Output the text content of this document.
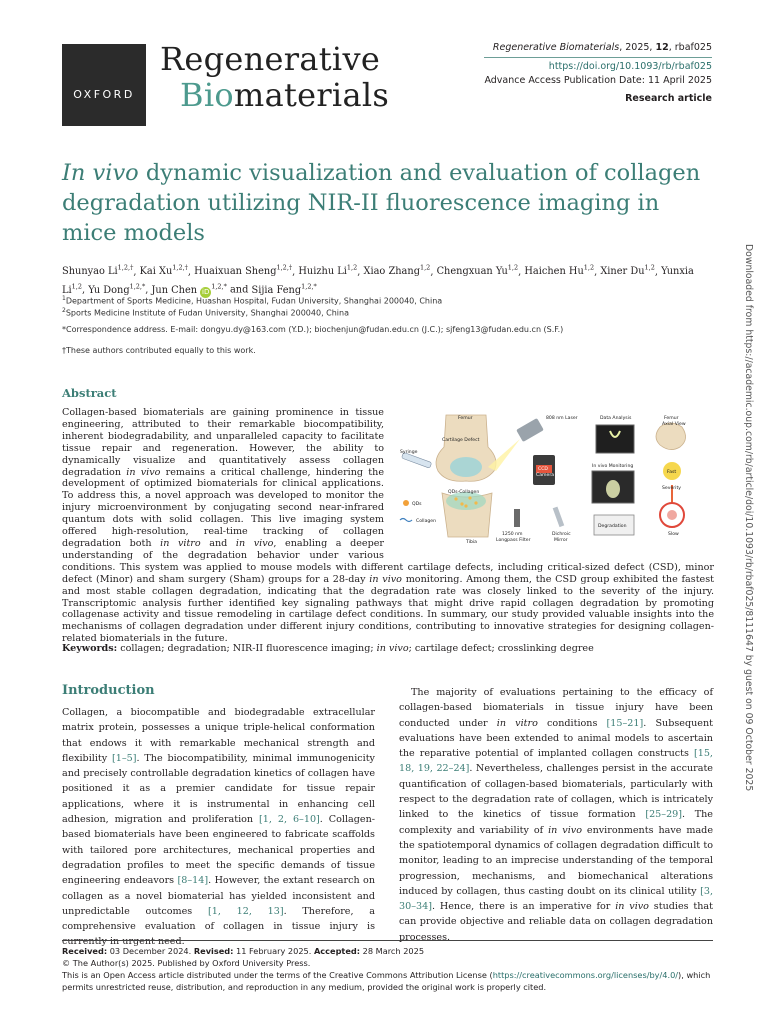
OXFORD
Regenerative
Biomaterials
Regenerative Biomaterials, 2025, 12, rbaf025
https://doi.org/10.1093/rb/rbaf025
Advance Access Publication Date: 11 April 2025
Research article
In vivo dynamic visualization and evaluation of collagen degradation utilizing NIR-II fluorescence imaging in mice models
Shunyao $Li^{1,2,\dagger}$, Kai $Xu^{1,2,\dagger}$, Huaixuan Sheng$^{1,2,\dagger}$, Huizhu Li$^{1,2}$, Xiao Zhang$^{1,2}$, Chengxuan Yu$^{1,2}$, Haichen Hu$^{1,2}$, Xiner Du$^{1,2}$, Yunxia Li$^{1,2}$, Yu Dong$^{1,2,*}$, Jun Chen $iD^{1,2,*}$ and Sijia Feng$^{1,2,*}$
$^1$Department of Sports Medicine, Huashan Hospital, Fudan University, Shanghai 200040, China
$^2$Sports Medicine Institute of Fudan University, Shanghai 200040, China
*Correspondence address. E-mail: dongyu.dy@163.com (Y.D.); biochenjun@fudan.edu.cn (J.C.); sjfeng13@fudan.edu.cn (S.F.)
†These authors contributed equally to this work.
Abstract
Femur	808 nm Laser	Data Analysis	Femur
Axial View
Cartilage Defect
Syringe
CCD
Camera
In vivo Monitoring
Fast
Severity
QDs
QDs-Collagen
Collagen
Degradation
Slow
Tibia
1250 nm
Longpass Filter
Dichroic
Mirror
Collagen-based biomaterials are gaining prominence in tissue engineering, attributed to their remarkable biocompatibility, inherent biodegradability, and unparalleled capacity to facilitate tissue repair and regeneration. However, the ability to dynamically visualize and quantitatively assess collagen degradation in vivo remains a critical challenge, hindering the development of optimized biomaterials for clinical applications. To address this, a novel approach was developed to monitor the injury microenvironment by conjugating second near-infrared quantum dots with solid collagen. This live imaging system offered high-resolution, real-time tracking of collagen degradation both in vitro and in vivo, enabling a deeper understanding of the degradation behavior under various conditions. This system was applied to mouse models with different cartilage defects, including critical-sized defect (CSD), minor defect (Minor) and sham surgery (Sham) groups for a 28-day in vivo monitoring. Among them, the CSD group exhibited the fastest and most stable collagen degradation, indicating that the degradation rate was closely linked to the severity of the injury. Transcriptomic analysis further identified key signaling pathways that might drive rapid collagen degradation by promoting collagenase activity and tissue remodeling in cartilage defect conditions. In summary, our study provided valuable insights into the mechanisms of collagen degradation under different injury conditions, contributing to innovative strategies for designing collagen-related biomaterials in the future.
Keywords: collagen; degradation; NIR-II fluorescence imaging; in vivo; cartilage defect; crosslinking degree
Introduction
Collagen, a biocompatible and biodegradable extracellular matrix protein, possesses a unique triple-helical conformation that endows it with remarkable mechanical strength and flexibility [1–5]. The biocompatibility, minimal immunogenicity and precisely controllable degradation kinetics of collagen have positioned it as a premier candidate for tissue repair applications, where it is instrumental in enhancing cell adhesion, migration and proliferation [1, 2, 6–10]. Collagen-based biomaterials have been engineered to fabricate scaffolds with tailored pore architectures, mechanical properties and degradation profiles to meet the specific demands of tissue engineering endeavors [8–14]. However, the extant research on collagen as a novel biomaterial has yielded inconsistent and unpredictable outcomes [1, 12, 13]. Therefore, a comprehensive evaluation of collagen in tissue injury is currently in urgent need.
The majority of evaluations pertaining to the efficacy of collagen-based biomaterials in tissue injury have been conducted under in vitro conditions [15–21]. Subsequent evaluations have been extended to animal models to ascertain the reparative potential of implanted collagen constructs [15, 18, 19, 22–24]. Nevertheless, challenges persist in the accurate quantification of collagen-based biomaterials, particularly with respect to the degradation rate of collagen, which is intricately linked to the kinetics of tissue formation [25–29]. The complexity and variability of in vivo environments have made the spatiotemporal dynamics of collagen degradation difficult to monitor, leading to an imprecise understanding of the temporal progression, mechanisms, and biomechanical alterations induced by collagen, thus casting doubt on its clinical utility [3, 30–34]. Hence, there is an imperative for in vivo studies that can provide objective and reliable data on collagen degradation processes.
Received: 03 December 2024. Revised: 11 February 2025. Accepted: 28 March 2025
© The Author(s) 2025. Published by Oxford University Press.
This is an Open Access article distributed under the terms of the Creative Commons Attribution License (https://creativecommons.org/licenses/by/4.0/), which permits unrestricted reuse, distribution, and reproduction in any medium, provided the original work is properly cited.
Downloaded from https://academic.oup.com/rb/article/doi/10.1093/rb/rbaf025/8111647 by guest on 09 October 2025
